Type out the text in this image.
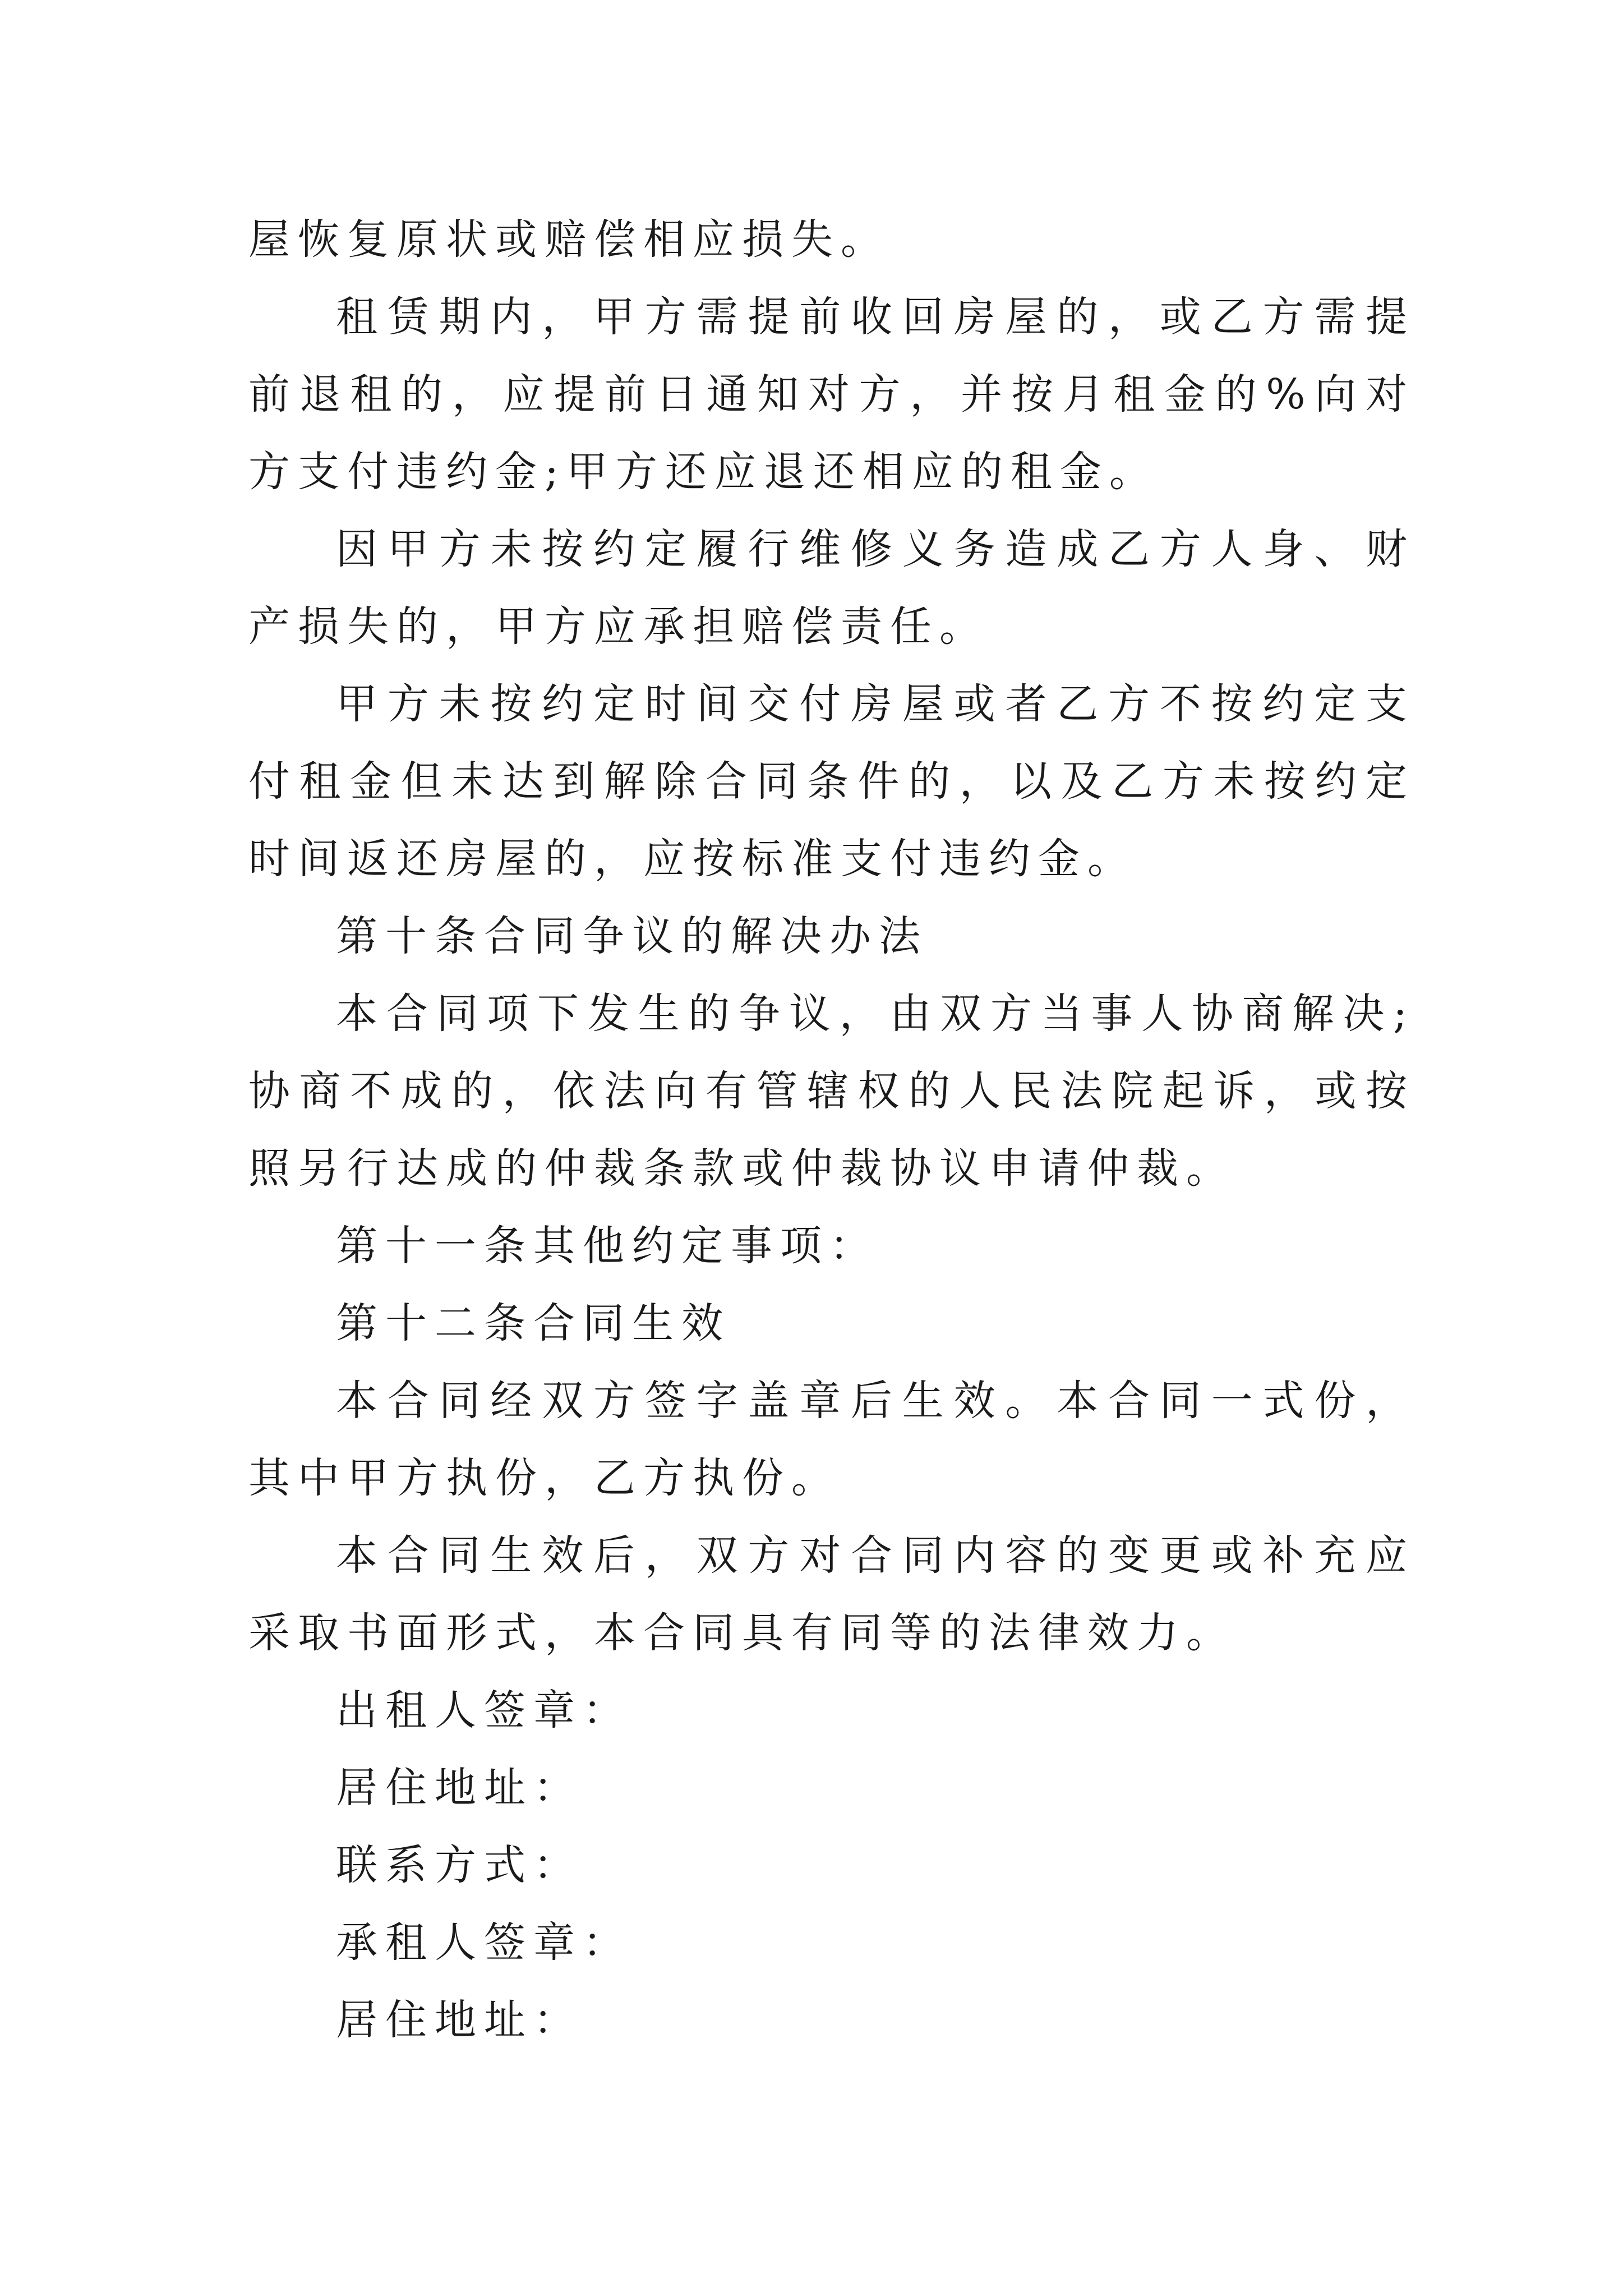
屋恢复原状或赔偿相应损失。

租赁期内，甲方需提前收回房屋的，或乙方需提前退租的，应提前日通知对方，并按月租金的%向对方支付违约金;甲方还应退还相应的租金。

因甲方未按约定履行维修义务造成乙方人身、财产损失的，甲方应承担赔偿责任。

甲方未按约定时间交付房屋或者乙方不按约定支付租金但未达到解除合同条件的，以及乙方未按约定时间返还房屋的，应按标准支付违约金。

第十条合同争议的解决办法

本合同项下发生的争议，由双方当事人协商解决;协商不成的，依法向有管辖权的人民法院起诉，或按照另行达成的仲裁条款或仲裁协议申请仲裁。

第十一条其他约定事项：

第十二条合同生效

本合同经双方签字盖章后生效。本合同一式份，其中甲方执份，乙方执份。

本合同生效后，双方对合同内容的变更或补充应采取书面形式，本合同具有同等的法律效力。

出租人签章：

居住地址：

联系方式：

承租人签章：

居住地址：
